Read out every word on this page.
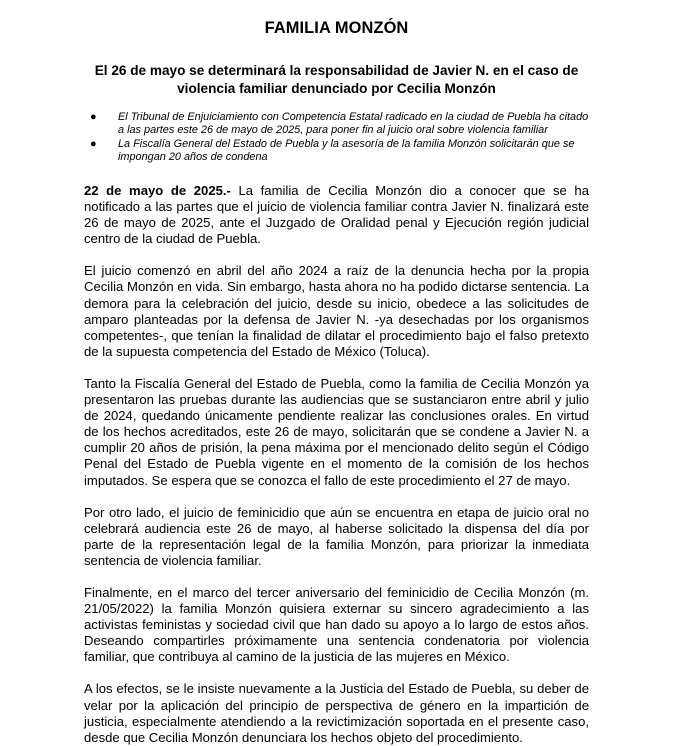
FAMILIA MONZÓN
El 26 de mayo se determinará la responsabilidad de Javier N. en el caso de violencia familiar denunciado por Cecilia Monzón
● El Tribunal de Enjuiciamiento con Competencia Estatal radicado en la ciudad de Puebla ha citado a las partes este 26 de mayo de 2025, para poner fin al juicio oral sobre violencia familiar
● La Fiscalía General del Estado de Puebla y la asesoría de la familia Monzón solicitarán que se impongan 20 años de condena

22 de mayo de 2025.- La familia de Cecilia Monzón dio a conocer que se ha notificado a las partes que el juicio de violencia familiar contra Javier N. finalizará este 26 de mayo de 2025, ante el Juzgado de Oralidad penal y Ejecución región judicial centro de la ciudad de Puebla.

El juicio comenzó en abril del año 2024 a raíz de la denuncia hecha por la propia Cecilia Monzón en vida. Sin embargo, hasta ahora no ha podido dictarse sentencia. La demora para la celebración del juicio, desde su inicio, obedece a las solicitudes de amparo planteadas por la defensa de Javier N. -ya desechadas por los organismos competentes-, que tenían la finalidad de dilatar el procedimiento bajo el falso pretexto de la supuesta competencia del Estado de México (Toluca).

Tanto la Fiscalía General del Estado de Puebla, como la familia de Cecilia Monzón ya presentaron las pruebas durante las audiencias que se sustanciaron entre abril y julio de 2024, quedando únicamente pendiente realizar las conclusiones orales. En virtud de los hechos acreditados, este 26 de mayo, solicitarán que se condene a Javier N. a cumplir 20 años de prisión, la pena máxima por el mencionado delito según el Código Penal del Estado de Puebla vigente en el momento de la comisión de los hechos imputados. Se espera que se conozca el fallo de este procedimiento el 27 de mayo.

Por otro lado, el juicio de feminicidio que aún se encuentra en etapa de juicio oral no celebrará audiencia este 26 de mayo, al haberse solicitado la dispensa del día por parte de la representación legal de la familia Monzón, para priorizar la inmediata sentencia de violencia familiar.

Finalmente, en el marco del tercer aniversario del feminicidio de Cecilia Monzón (m. 21/05/2022) la familia Monzón quisiera externar su sincero agradecimiento a las activistas feministas y sociedad civil que han dado su apoyo a lo largo de estos años. Deseando compartirles próximamente una sentencia condenatoria por violencia familiar, que contribuya al camino de la justicia de las mujeres en México.

A los efectos, se le insiste nuevamente a la Justicia del Estado de Puebla, su deber de velar por la aplicación del principio de perspectiva de género en la impartición de justicia, especialmente atendiendo a la revictimización soportada en el presente caso, desde que Cecilia Monzón denunciara los hechos objeto del procedimiento.
